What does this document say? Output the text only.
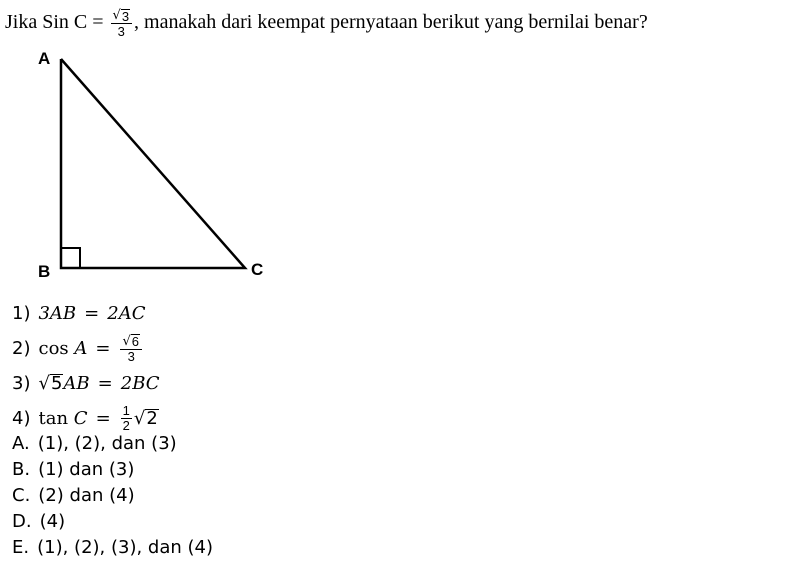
Jika Sin $C = \frac{√ 3}{3}$ , manakah dari keempat pernyataan berikut yang bernilai benar?
A
B	C
1) 3AB = 2AC
2) $\cos A = \frac{√ 6}{3}$
3) √ 5 AB = 2BC
4) $\tan C = \frac{1}{2}$ √ 2
A. (1), (2), dan (3)
B. (1) dan (3)
C. (2) dan (4)
D. (4)
E. (1), (2), (3), dan (4)
